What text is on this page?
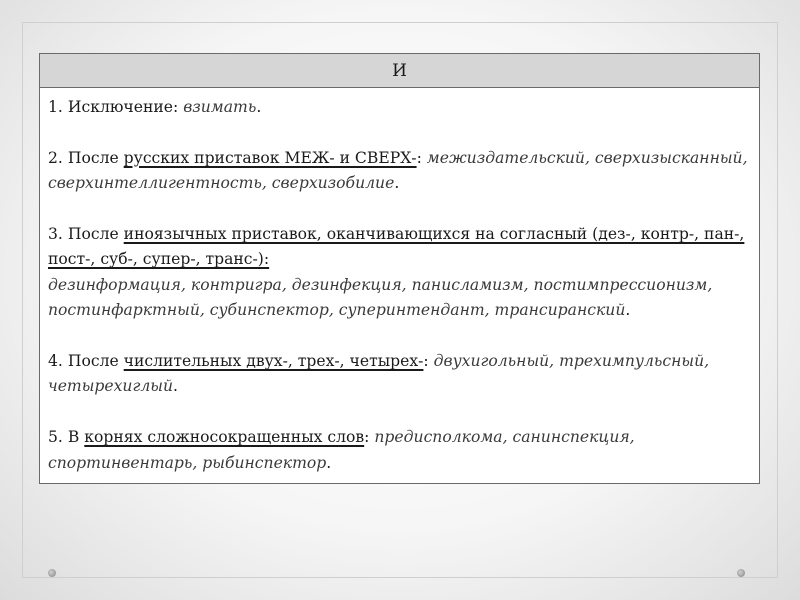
И

1. Исключение: взимать.
2. После русских приставок МЕЖ- и СВЕРХ-: межиздательский, сверхизысканный, сверхинтеллигентность, сверхизобилие.
3. После иноязычных приставок, оканчивающихся на согласный (дез-, контр-, пан-, пост-, суб-, супер-, транс-):
дезинформация, контригра, дезинфекция, панисламизм, постимпрессионизм, постинфарктный, субинспектор, суперинтендант, трансиранский.
4. После числительных двух-, трех-, четырех-: двухигольный, трехимпульсный, четырехиглый.
5. В корнях сложносокращенных слов: предисполкома, санинспекция, спортинвентарь, рыбинспектор.
